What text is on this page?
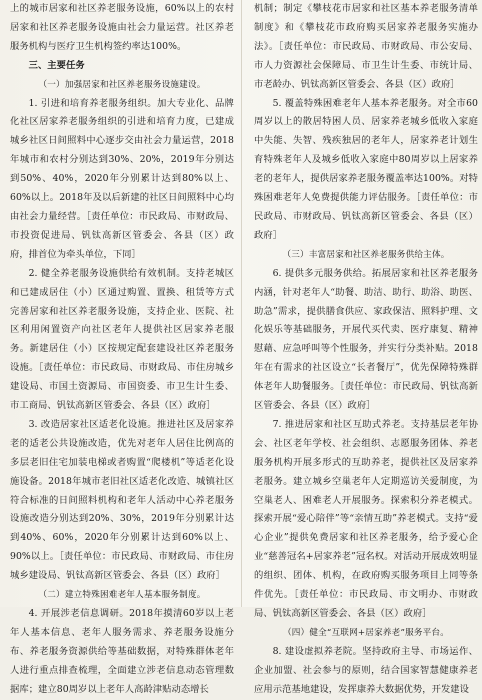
上的城市居家和社区养老服务设施，60%以上的农村居家和社区养老服务设施由社会力量运营。社区养老服务机构与医疗卫生机构签约率达100%。

三、主要任务

（一）加强居家和社区养老服务设施建设。

1. 引进和培育养老服务组织。加大专业化、品牌化社区居家养老服务组织的引进和培育力度，已建成城乡社区日间照料中心逐步交由社会力量运营，2018年城市和农村分别达到30%、20%，2019年分别达到50%、40%，2020年分别累计达到80%以上、60%以上。2018年及以后新建的社区日间照料中心均由社会力量经营。［责任单位：市民政局、市财政局、市投资促进局、钒钛高新区管委会、各县（区）政府，排首位为牵头单位，下同］

2. 健全养老服务设施供给有效机制。支持老城区和已建成居住（小）区通过购置、置换、租赁等方式完善居家和社区养老服务设施，支持企业、医院、社区利用闲置资产向社区老年人提供社区居家养老服务。新建居住（小）区按规定配套建设社区养老服务设施。［责任单位：市民政局、市财政局、市住房城乡建设局、市国土资源局、市国资委、市卫生计生委、市工商局、钒钛高新区管委会、各县（区）政府］

3. 改造居家社区适老化设施。推进社区及居家养老的适老公共设施改造，优先对老年人居住比例高的多层老旧住宅加装电梯或者购置“爬楼机”等适老化设施设备。2018年城市老旧社区适老化改造、城镇社区符合标准的日间照料机构和老年人活动中心养老服务设施改造分别达到20%、30%，2019年分别累计达到40%、60%，2020年分别累计达到60%以上、90%以上。［责任单位：市民政局、市财政局、市住房城乡建设局、钒钛高新区管委会、各县（区）政府］

（二）建立特殊困难老年人基本服务制度。

4. 开展涉老信息调研。2018年摸清60岁以上老年人基本信息、老年人服务需求、养老服务设施分布、养老服务资源供给等基础数据，对特殊群体老年人进行重点排查梳理，全面建立涉老信息动态管理数据库；建立80周岁以上老年人高龄津贴动态增长

机制；制定《攀枝花市居家和社区基本养老服务清单制度》和《攀枝花市政府购买居家养老服务实施办法》。［责任单位：市民政局、市财政局、市公安局、市人力资源社会保障局、市卫生计生委、市统计局、市老龄办、钒钛高新区管委会、各县（区）政府］

5. 覆盖特殊困难老年人基本养老服务。对全市60周岁以上的散居特困人员、居家养老城乡低收入家庭中失能、失智、残疾独居的老年人，居家养老计划生育特殊老年人及城乡低收入家庭中80周岁以上居家养老的老年人，提供居家养老服务覆盖率达100%。对特殊困难老年人免费提供能力评估服务。［责任单位：市民政局、市财政局、钒钛高新区管委会、各县（区）政府］

（三）丰富居家和社区养老服务供给主体。

6. 提供多元服务供给。拓展居家和社区养老服务内涵，针对老年人“助餐、助洁、助行、助浴、助医、助急”需求，提供膳食供应、家政保洁、照料护理、文化娱乐等基础服务，开展代买代卖、医疗康复、精神慰藉、应急呼叫等个性服务，并实行分类补贴。2018年在有需求的社区设立“长者餐厅”，优先保障特殊群体老年人助餐服务。［责任单位：市民政局、钒钛高新区管委会、各县（区）政府］

7. 推进居家和社区互助式养老。支持基层老年协会、社区老年学校、社会组织、志愿服务团体、养老服务机构开展多形式的互助养老，提供社区及居家养老服务。建立城乡空巢老年人定期巡访关爱制度，为空巢老人、困难老人开展服务。探索积分养老模式。探索开展“爱心陪伴”等“亲情互助”养老模式。支持“爱心企业”提供免费居家和社区养老服务，给予爱心企业“慈善冠名+居家养老”冠名权。对活动开展成效明显的组织、团体、机构，在政府购买服务项目上同等条件优先。［责任单位：市民政局、市文明办、市财政局、钒钛高新区管委会、各县（区）政府］

（四）健全“互联网+居家养老”服务平台。

8. 建设虚拟养老院。坚持政府主导、市场运作、企业加盟、社会参与的原则，结合国家智慧健康养老应用示范基地建设，发挥康养大数据优势，开发建设
